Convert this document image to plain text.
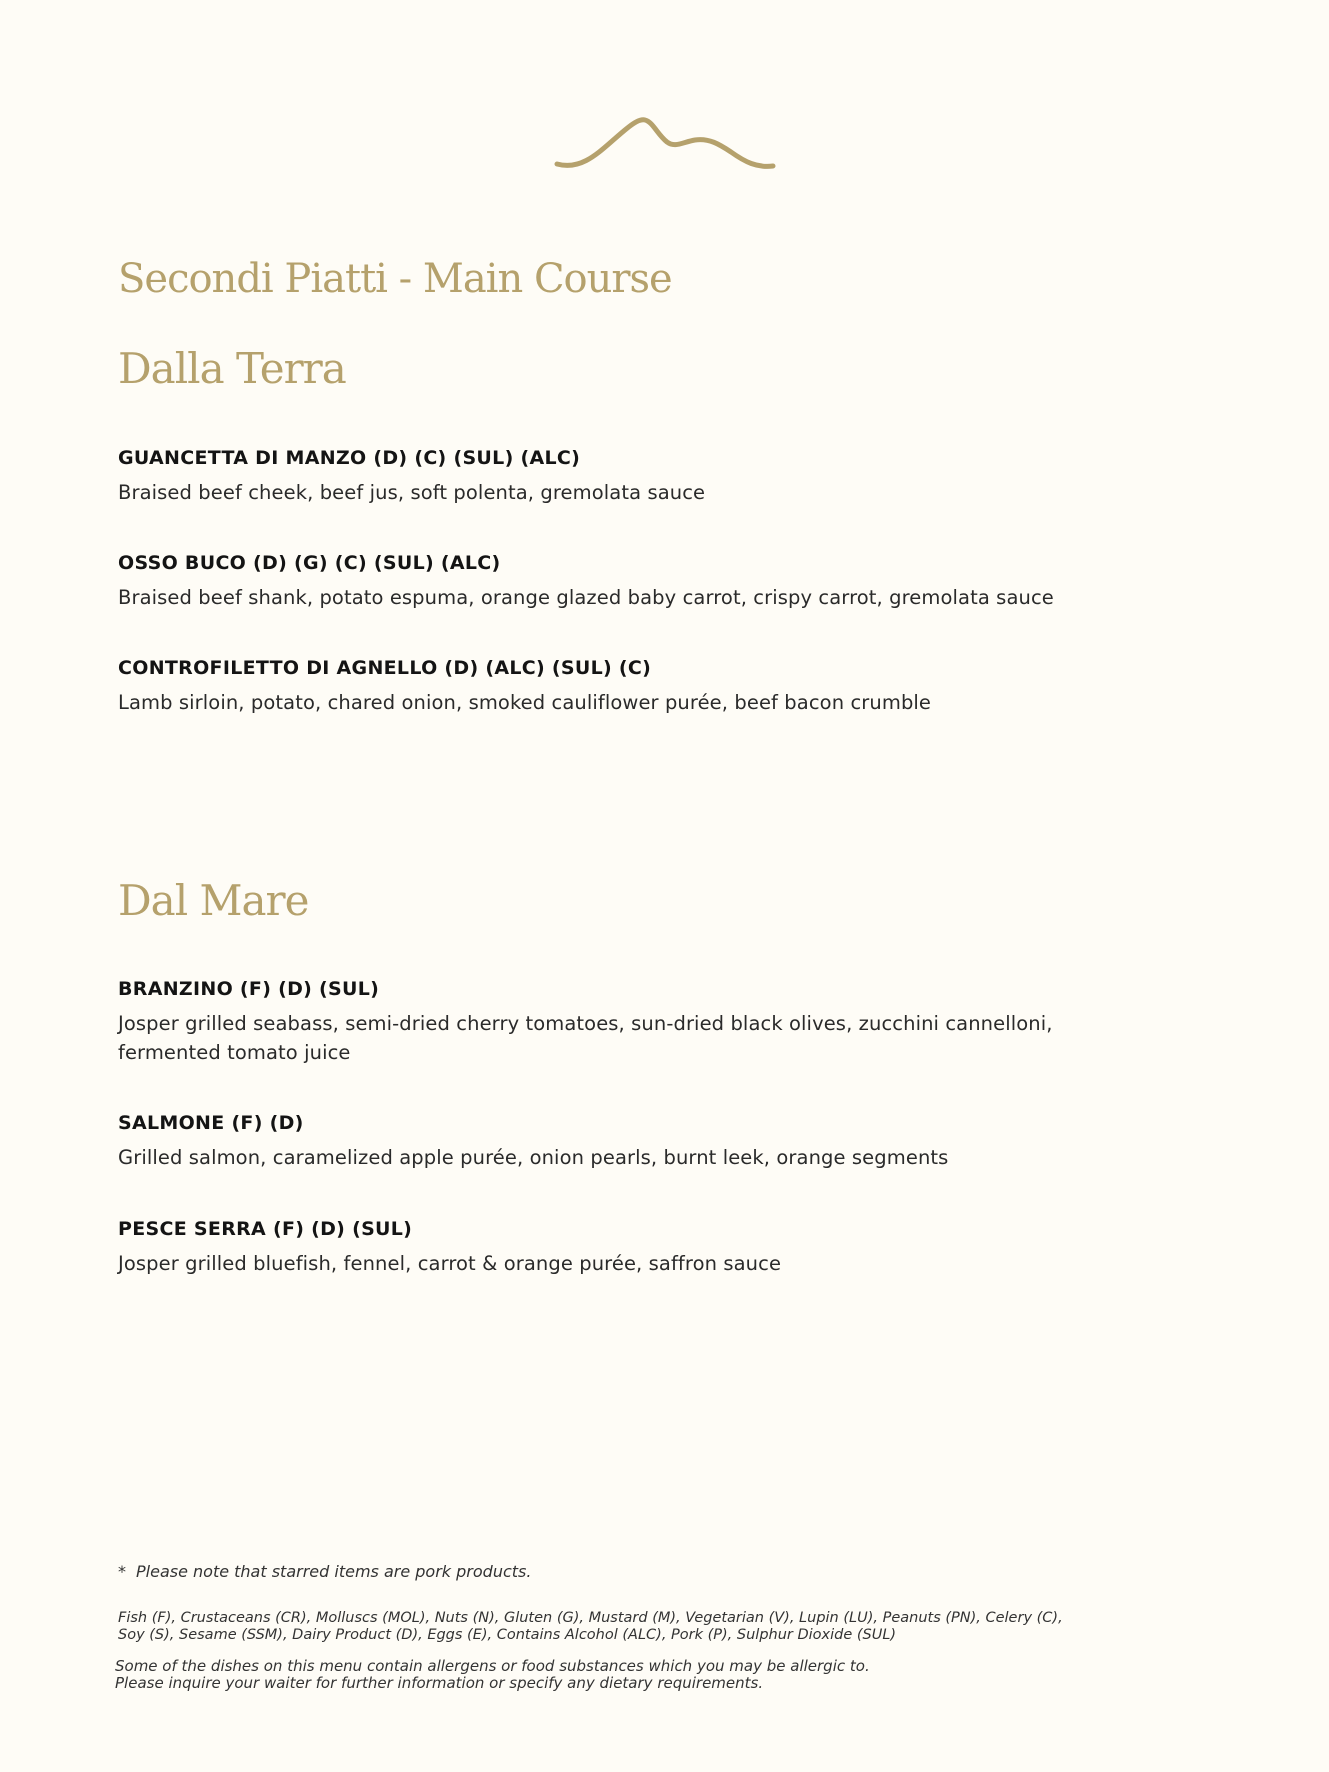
Secondi Piatti - Main Course
Dalla Terra
GUANCETTA DI MANZO (D) (C) (SUL) (ALC)
Braised beef cheek, beef jus, soft polenta, gremolata sauce
OSSO BUCO (D) (G) (C) (SUL) (ALC)
Braised beef shank, potato espuma, orange glazed baby carrot, crispy carrot, gremolata sauce
CONTROFILETTO DI AGNELLO (D) (ALC) (SUL) (C)
Lamb sirloin, potato, chared onion, smoked cauliflower purée, beef bacon crumble
Dal Mare
BRANZINO (F) (D) (SUL)
Josper grilled seabass, semi-dried cherry tomatoes, sun-dried black olives, zucchini cannelloni, fermented tomato juice
SALMONE (F) (D)
Grilled salmon, caramelized apple purée, onion pearls, burnt leek, orange segments
PESCE SERRA (F) (D) (SUL)
Josper grilled bluefish, fennel, carrot & orange purée, saffron sauce
* Please note that starred items are pork products.
Fish (F), Crustaceans (CR), Molluscs (MOL), Nuts (N), Gluten (G), Mustard (M), Vegetarian (V), Lupin (LU), Peanuts (PN), Celery (C), Soy (S), Sesame (SSM), Dairy Product (D), Eggs (E), Contains Alcohol (ALC), Pork (P), Sulphur Dioxide (SUL)
Some of the dishes on this menu contain allergens or food substances which you may be allergic to.
Please inquire your waiter for further information or specify any dietary requirements.
